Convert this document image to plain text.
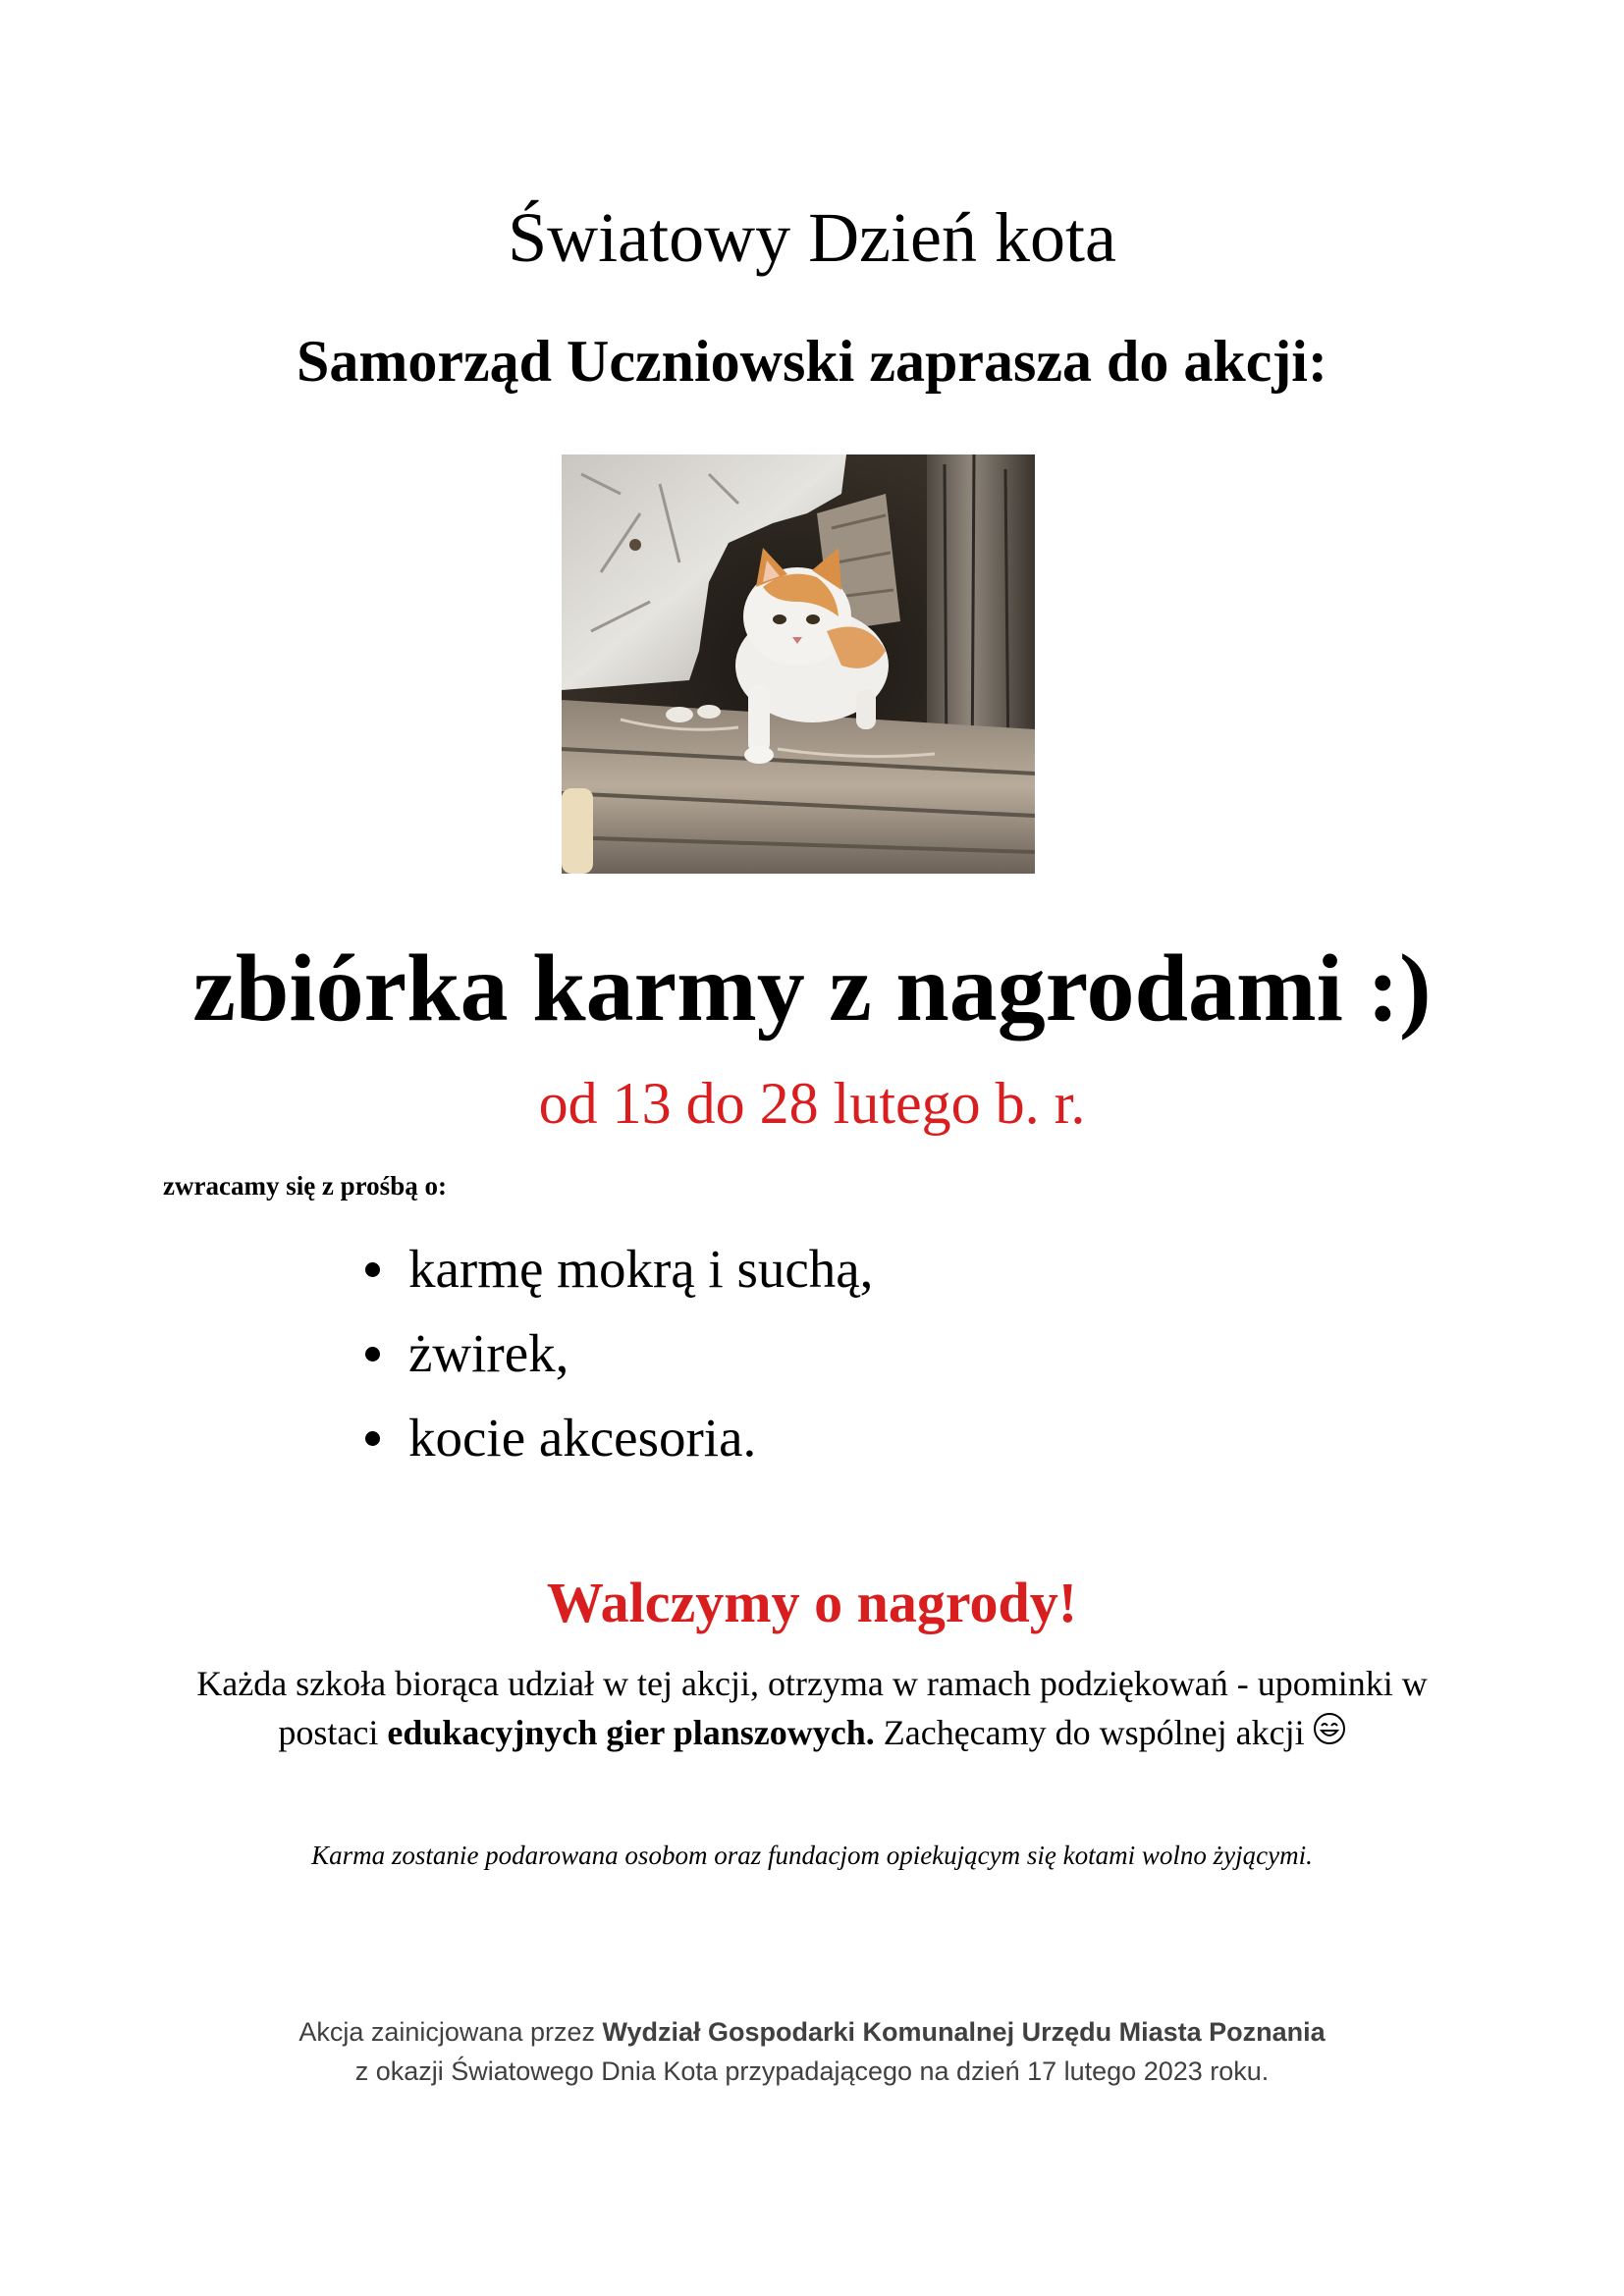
Światowy Dzień kota
Samorząd Uczniowski zaprasza do akcji:
zbiórka karmy z nagrodami :)
od 13 do 28 lutego b. r.
zwracamy się z prośbą o:
karmę mokrą i suchą,
żwirek,
kocie akcesoria.
Walczymy o nagrody!
Każda szkoła biorąca udział w tej akcji, otrzyma w ramach podziękowań - upominki w postaci edukacyjnych gier planszowych. Zachęcamy do wspólnej akcji
Karma zostanie podarowana osobom oraz fundacjom opiekującym się kotami wolno żyjącymi.
Akcja zainicjowana przez Wydział Gospodarki Komunalnej Urzędu Miasta Poznania
z okazji Światowego Dnia Kota przypadającego na dzień 17 lutego 2023 roku.
